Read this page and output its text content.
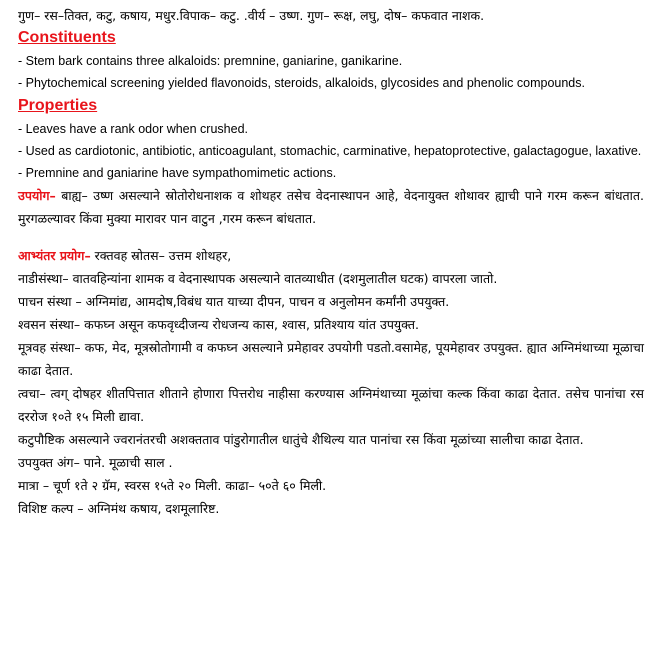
गुण– रस–तिक्त, कटु, कषाय, मधुर.विपाक– कटु. .वीर्य – उष्ण. गुण– रूक्ष, लघु, दोष– कफवात नाशक.

Constituents

- Stem bark contains three alkaloids: premnine, ganiarine, ganikarine.

- Phytochemical screening yielded flavonoids, steroids, alkaloids, glycosides and phenolic compounds.

Properties

- Leaves have a rank odor when crushed.

- Used as cardiotonic, antibiotic, anticoagulant, stomachic, carminative, hepatoprotective, galactagogue, laxative.

- Premnine and ganiarine have sympathomimetic actions.

उपयोग– बाह्य– उष्ण असल्याने स्रोतोरोधनाशक व शोथहर तसेच वेदनास्थापन आहे, वेदनायुक्त शोथावर ह्याची पाने गरम करून बांधतात. मुरगळल्यावर किंवा मुक्या मारावर पान वाटुन ,गरम करून बांधतात.

आभ्यंतर प्रयोग– रक्तवह स्रोतस– उत्तम शोथहर,

नाडीसंस्था– वातवहिन्यांना शामक व वेदनास्थापक असल्याने वातव्याधीत (दशमुलातील घटक) वापरला जातो.

पाचन संस्था – अग्निमांद्य, आमदोष,विबंध यात याच्या दीपन, पाचन व अनुलोमन कर्मांनी उपयुक्त.

श्वसन संस्था– कफघ्न असून कफवृध्दीजन्य रोधजन्य कास, श्वास, प्रतिश्याय यांत उपयुक्त.

मूत्रवह संस्था– कफ, मेद, मूत्रस्रोतोगामी व कफघ्न असल्याने प्रमेहावर उपयोगी पडतो.वसामेह, पूयमेहावर उपयुक्त. ह्यात अग्निमंथाच्या मूळाचा काढा देतात.

त्वचा– त्वग् दोषहर शीतपित्तात शीताने होणारा पित्तरोध नाहीसा करण्यास अग्निमंथाच्या मूळांचा कल्क किंवा काढा देतात. तसेच पानांचा रस दररोज १०ते १५ मिली द्यावा.

कटुपौष्टिक असल्याने ज्वरानंतरची अशक्तताव पांडुरोगातील धातुंचे शैथिल्य यात पानांचा रस किंवा मूळांच्या सालीचा काढा देतात.

उपयुक्त अंग– पाने. मूळाची साल .

मात्रा – चूर्ण १ते २ ग्रॅम, स्वरस १५ते २० मिली. काढा– ५०ते ६० मिली.

विशिष्ट कल्प – अग्निमंथ कषाय, दशमूलारिष्ट.
